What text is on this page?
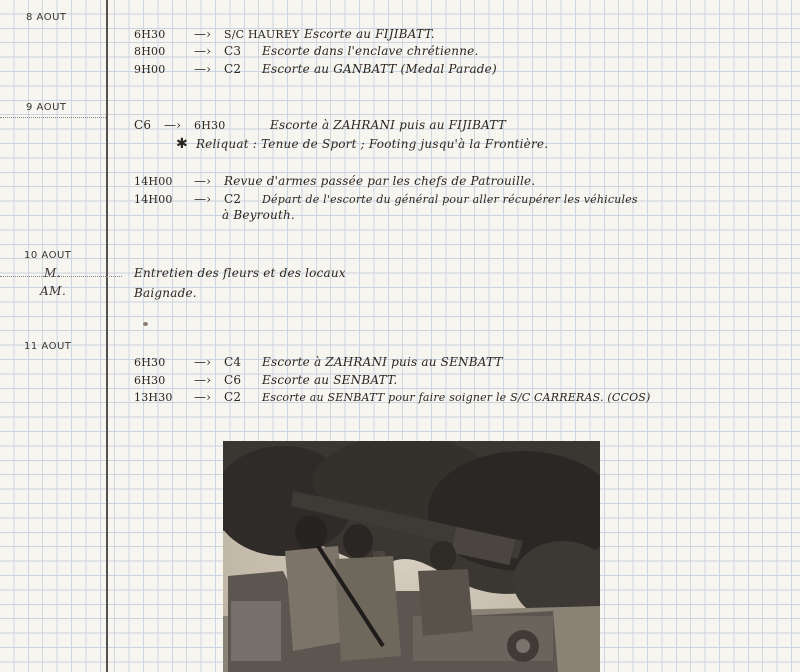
8 AOUT
6H30 —› S/C HAUREY Escorte au FIJIBATT.
8H00 —› C3 Escorte dans l'enclave chrétienne.
9H00 —› C2 Escorte au GANBATT (Medal Parade)
9 AOUT
C6 —› 6H30	Escorte à ZAHRANI puis au FIJIBATT
✱ Reliquat : Tenue de Sport ; Footing jusqu'à la Frontière.
14H00 —› Revue d'armes passée par les chefs de Patrouille.
14H00 —› C2 Départ de l'escorte du général pour aller récupérer les véhicules
à Beyrouth.
10 AOUT
M.
AM.
Entretien des fleurs et des locaux
Baignade.
11 AOUT
6H30 —› C4 Escorte à ZAHRANI puis au SENBATT
6H30 —› C6 Escorte au SENBATT.
13H30 —› C2 Escorte au SENBATT pour faire soigner le S/C CARRERAS. (CCOS)
